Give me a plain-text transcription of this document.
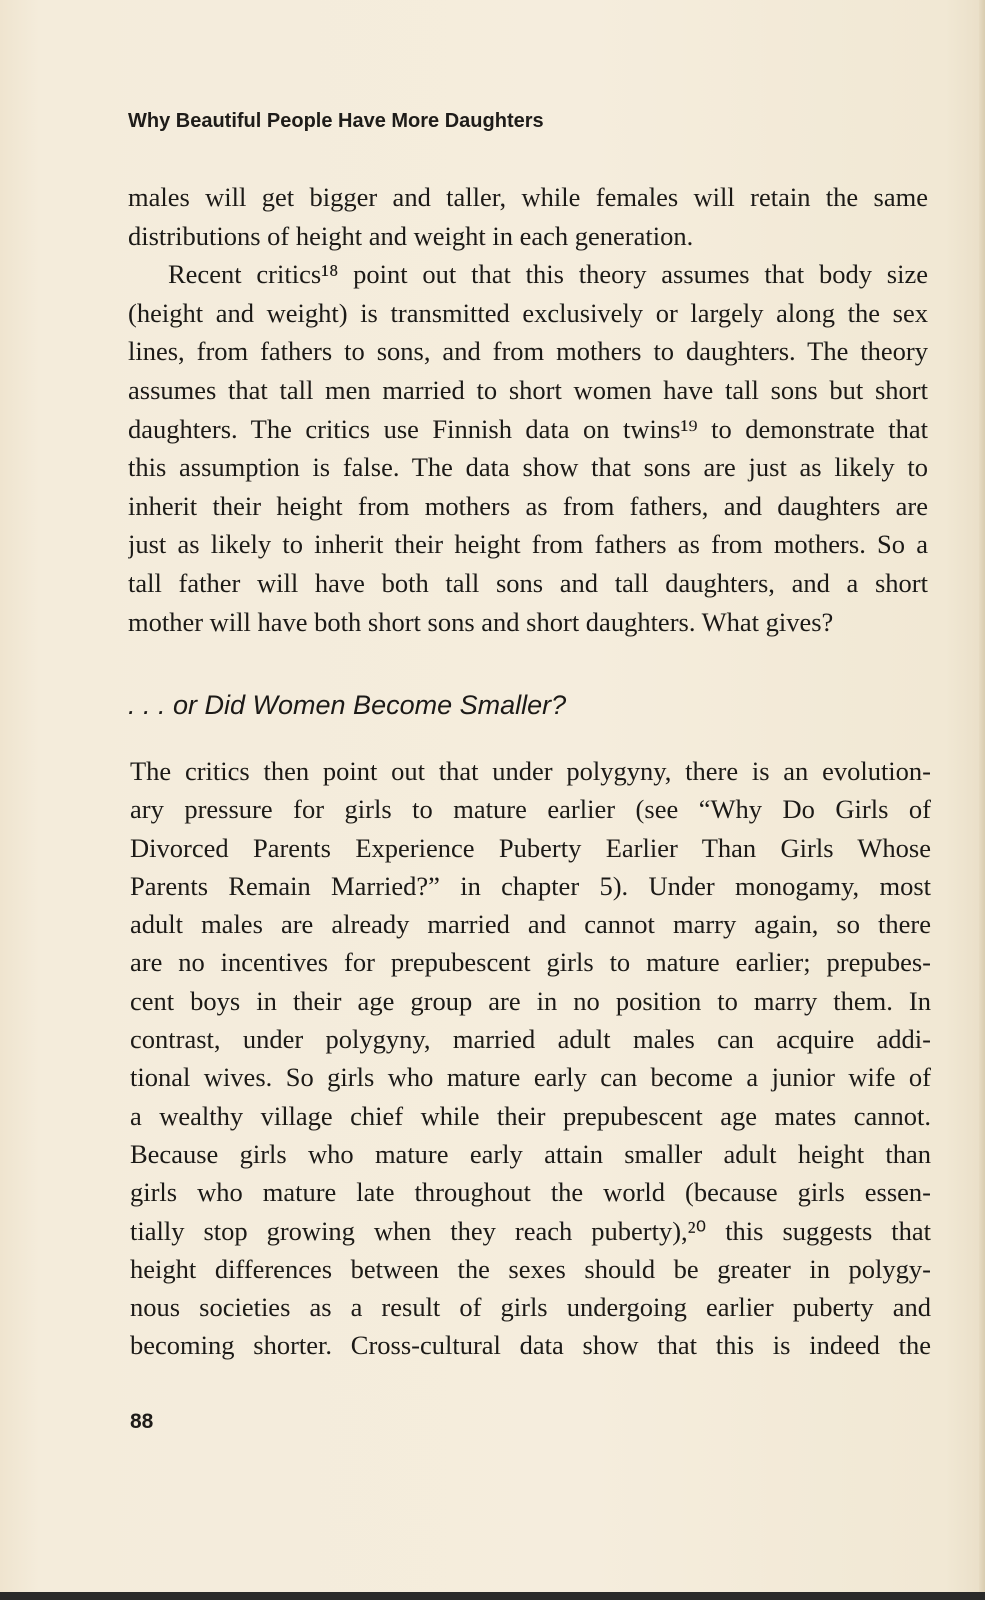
Why Beautiful People Have More Daughters

males will get bigger and taller, while females will retain the same
distributions of height and weight in each generation.

Recent critics¹⁸ point out that this theory assumes that body size
(height and weight) is transmitted exclusively or largely along the sex
lines, from fathers to sons, and from mothers to daughters. The theory
assumes that tall men married to short women have tall sons but short
daughters. The critics use Finnish data on twins¹⁹ to demonstrate that
this assumption is false. The data show that sons are just as likely to
inherit their height from mothers as from fathers, and daughters are
just as likely to inherit their height from fathers as from mothers. So a
tall father will have both tall sons and tall daughters, and a short
mother will have both short sons and short daughters. What gives?

. . . or Did Women Become Smaller?

The critics then point out that under polygyny, there is an evolution-
ary pressure for girls to mature earlier (see “Why Do Girls of
Divorced Parents Experience Puberty Earlier Than Girls Whose
Parents Remain Married?” in chapter 5). Under monogamy, most
adult males are already married and cannot marry again, so there
are no incentives for prepubescent girls to mature earlier; prepubes-
cent boys in their age group are in no position to marry them. In
contrast, under polygyny, married adult males can acquire addi-
tional wives. So girls who mature early can become a junior wife of
a wealthy village chief while their prepubescent age mates cannot.
Because girls who mature early attain smaller adult height than
girls who mature late throughout the world (because girls essen-
tially stop growing when they reach puberty),²⁰ this suggests that
height differences between the sexes should be greater in polygy-
nous societies as a result of girls undergoing earlier puberty and
becoming shorter. Cross-cultural data show that this is indeed the

88
